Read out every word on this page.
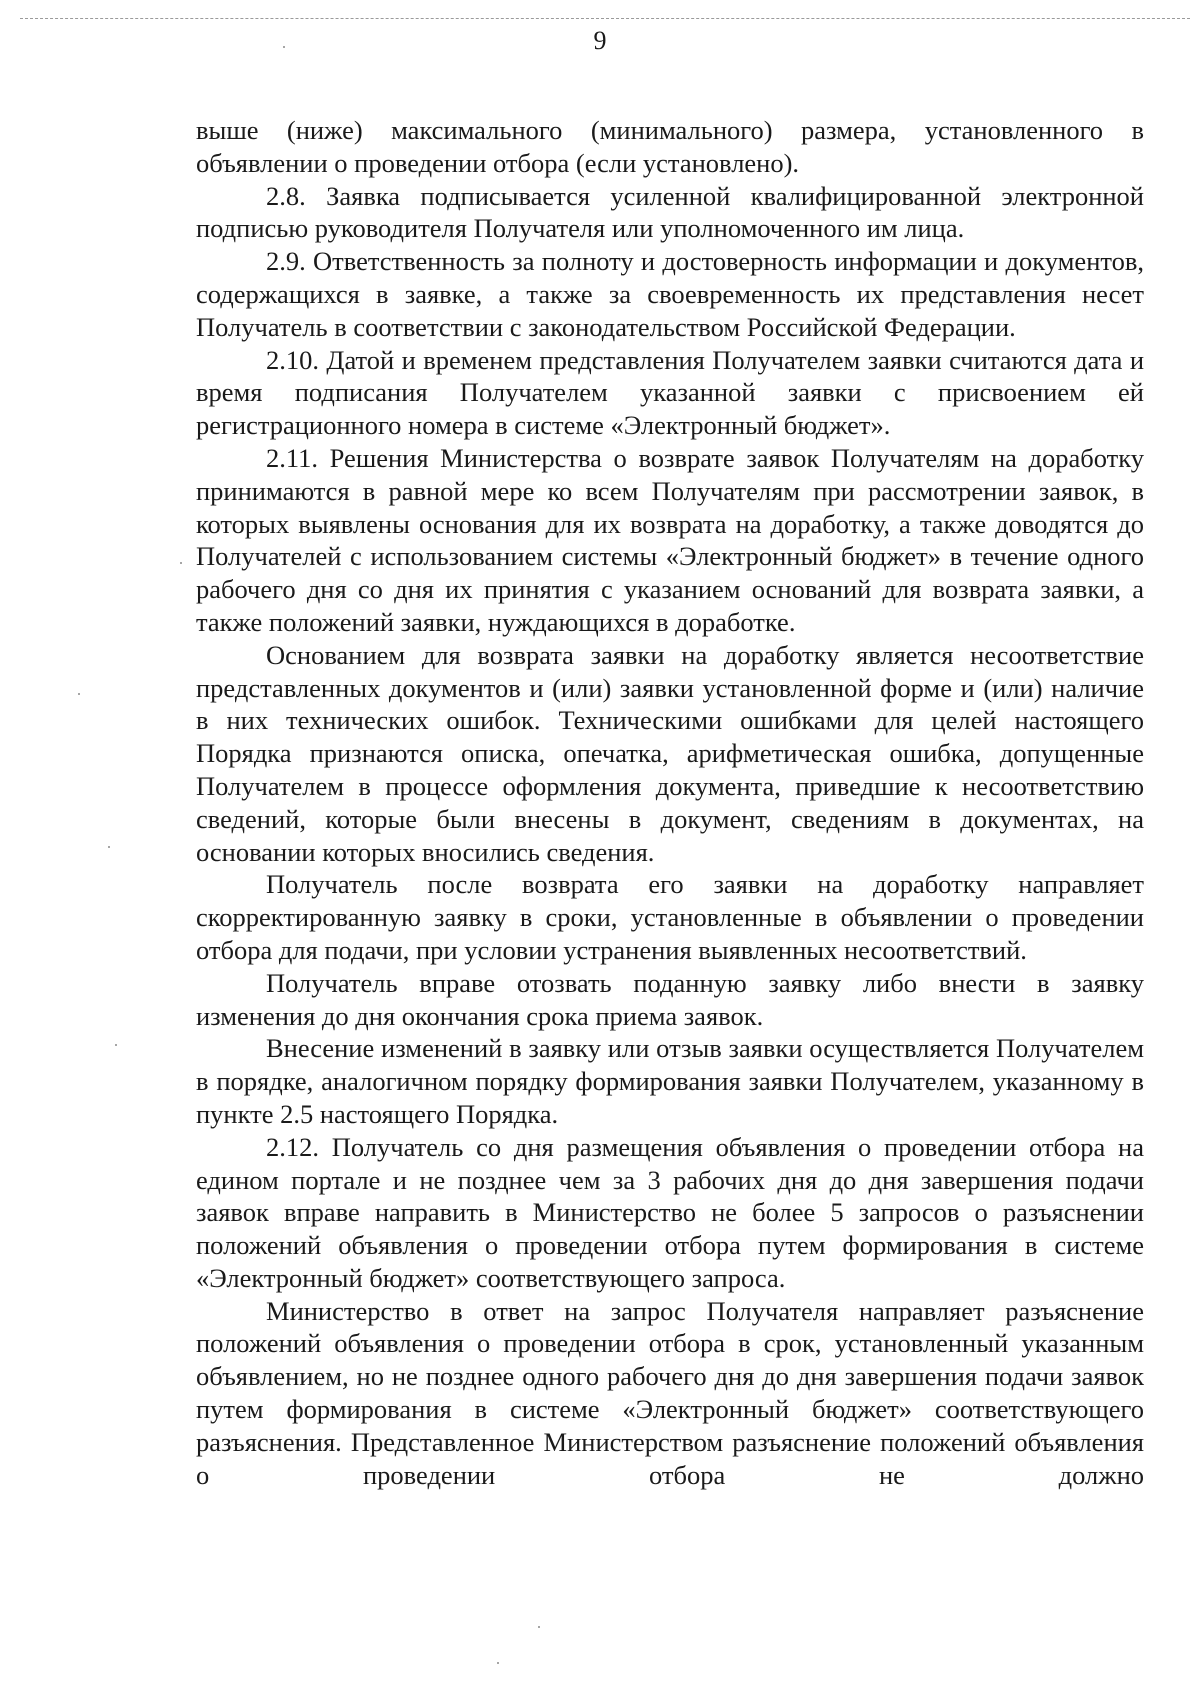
9

выше (ниже) максимального (минимального) размера, установленного в объявлении о проведении отбора (если установлено).

2.8. Заявка подписывается усиленной квалифицированной электронной подписью руководителя Получателя или уполномоченного им лица.

2.9. Ответственность за полноту и достоверность информации и документов, содержащихся в заявке, а также за своевременность их представления несет Получатель в соответствии с законодательством Российской Федерации.

2.10. Датой и временем представления Получателем заявки считаются дата и время подписания Получателем указанной заявки с присвоением ей регистрационного номера в системе «Электронный бюджет».

2.11. Решения Министерства о возврате заявок Получателям на доработку принимаются в равной мере ко всем Получателям при рассмотрении заявок, в которых выявлены основания для их возврата на доработку, а также доводятся до Получателей с использованием системы «Электронный бюджет» в течение одного рабочего дня со дня их принятия с указанием оснований для возврата заявки, а также положений заявки, нуждающихся в доработке.

Основанием для возврата заявки на доработку является несоответствие представленных документов и (или) заявки установленной форме и (или) наличие в них технических ошибок. Техническими ошибками для целей настоящего Порядка признаются описка, опечатка, арифметическая ошибка, допущенные Получателем в процессе оформления документа, приведшие к несоответствию сведений, которые были внесены в документ, сведениям в документах, на основании которых вносились сведения.

Получатель после возврата его заявки на доработку направляет скорректированную заявку в сроки, установленные в объявлении о проведении отбора для подачи, при условии устранения выявленных несоответствий.

Получатель вправе отозвать поданную заявку либо внести в заявку изменения до дня окончания срока приема заявок.

Внесение изменений в заявку или отзыв заявки осуществляется Получателем в порядке, аналогичном порядку формирования заявки Получателем, указанному в пункте 2.5 настоящего Порядка.

2.12. Получатель со дня размещения объявления о проведении отбора на едином портале и не позднее чем за 3 рабочих дня до дня завершения подачи заявок вправе направить в Министерство не более 5 запросов о разъяснении положений объявления о проведении отбора путем формирования в системе «Электронный бюджет» соответствующего запроса.

Министерство в ответ на запрос Получателя направляет разъяснение положений объявления о проведении отбора в срок, установленный указанным объявлением, но не позднее одного рабочего дня до дня завершения подачи заявок путем формирования в системе «Электронный бюджет» соответствующего разъяснения. Представленное Министерством разъяснение положений объявления о проведении отбора не должно
